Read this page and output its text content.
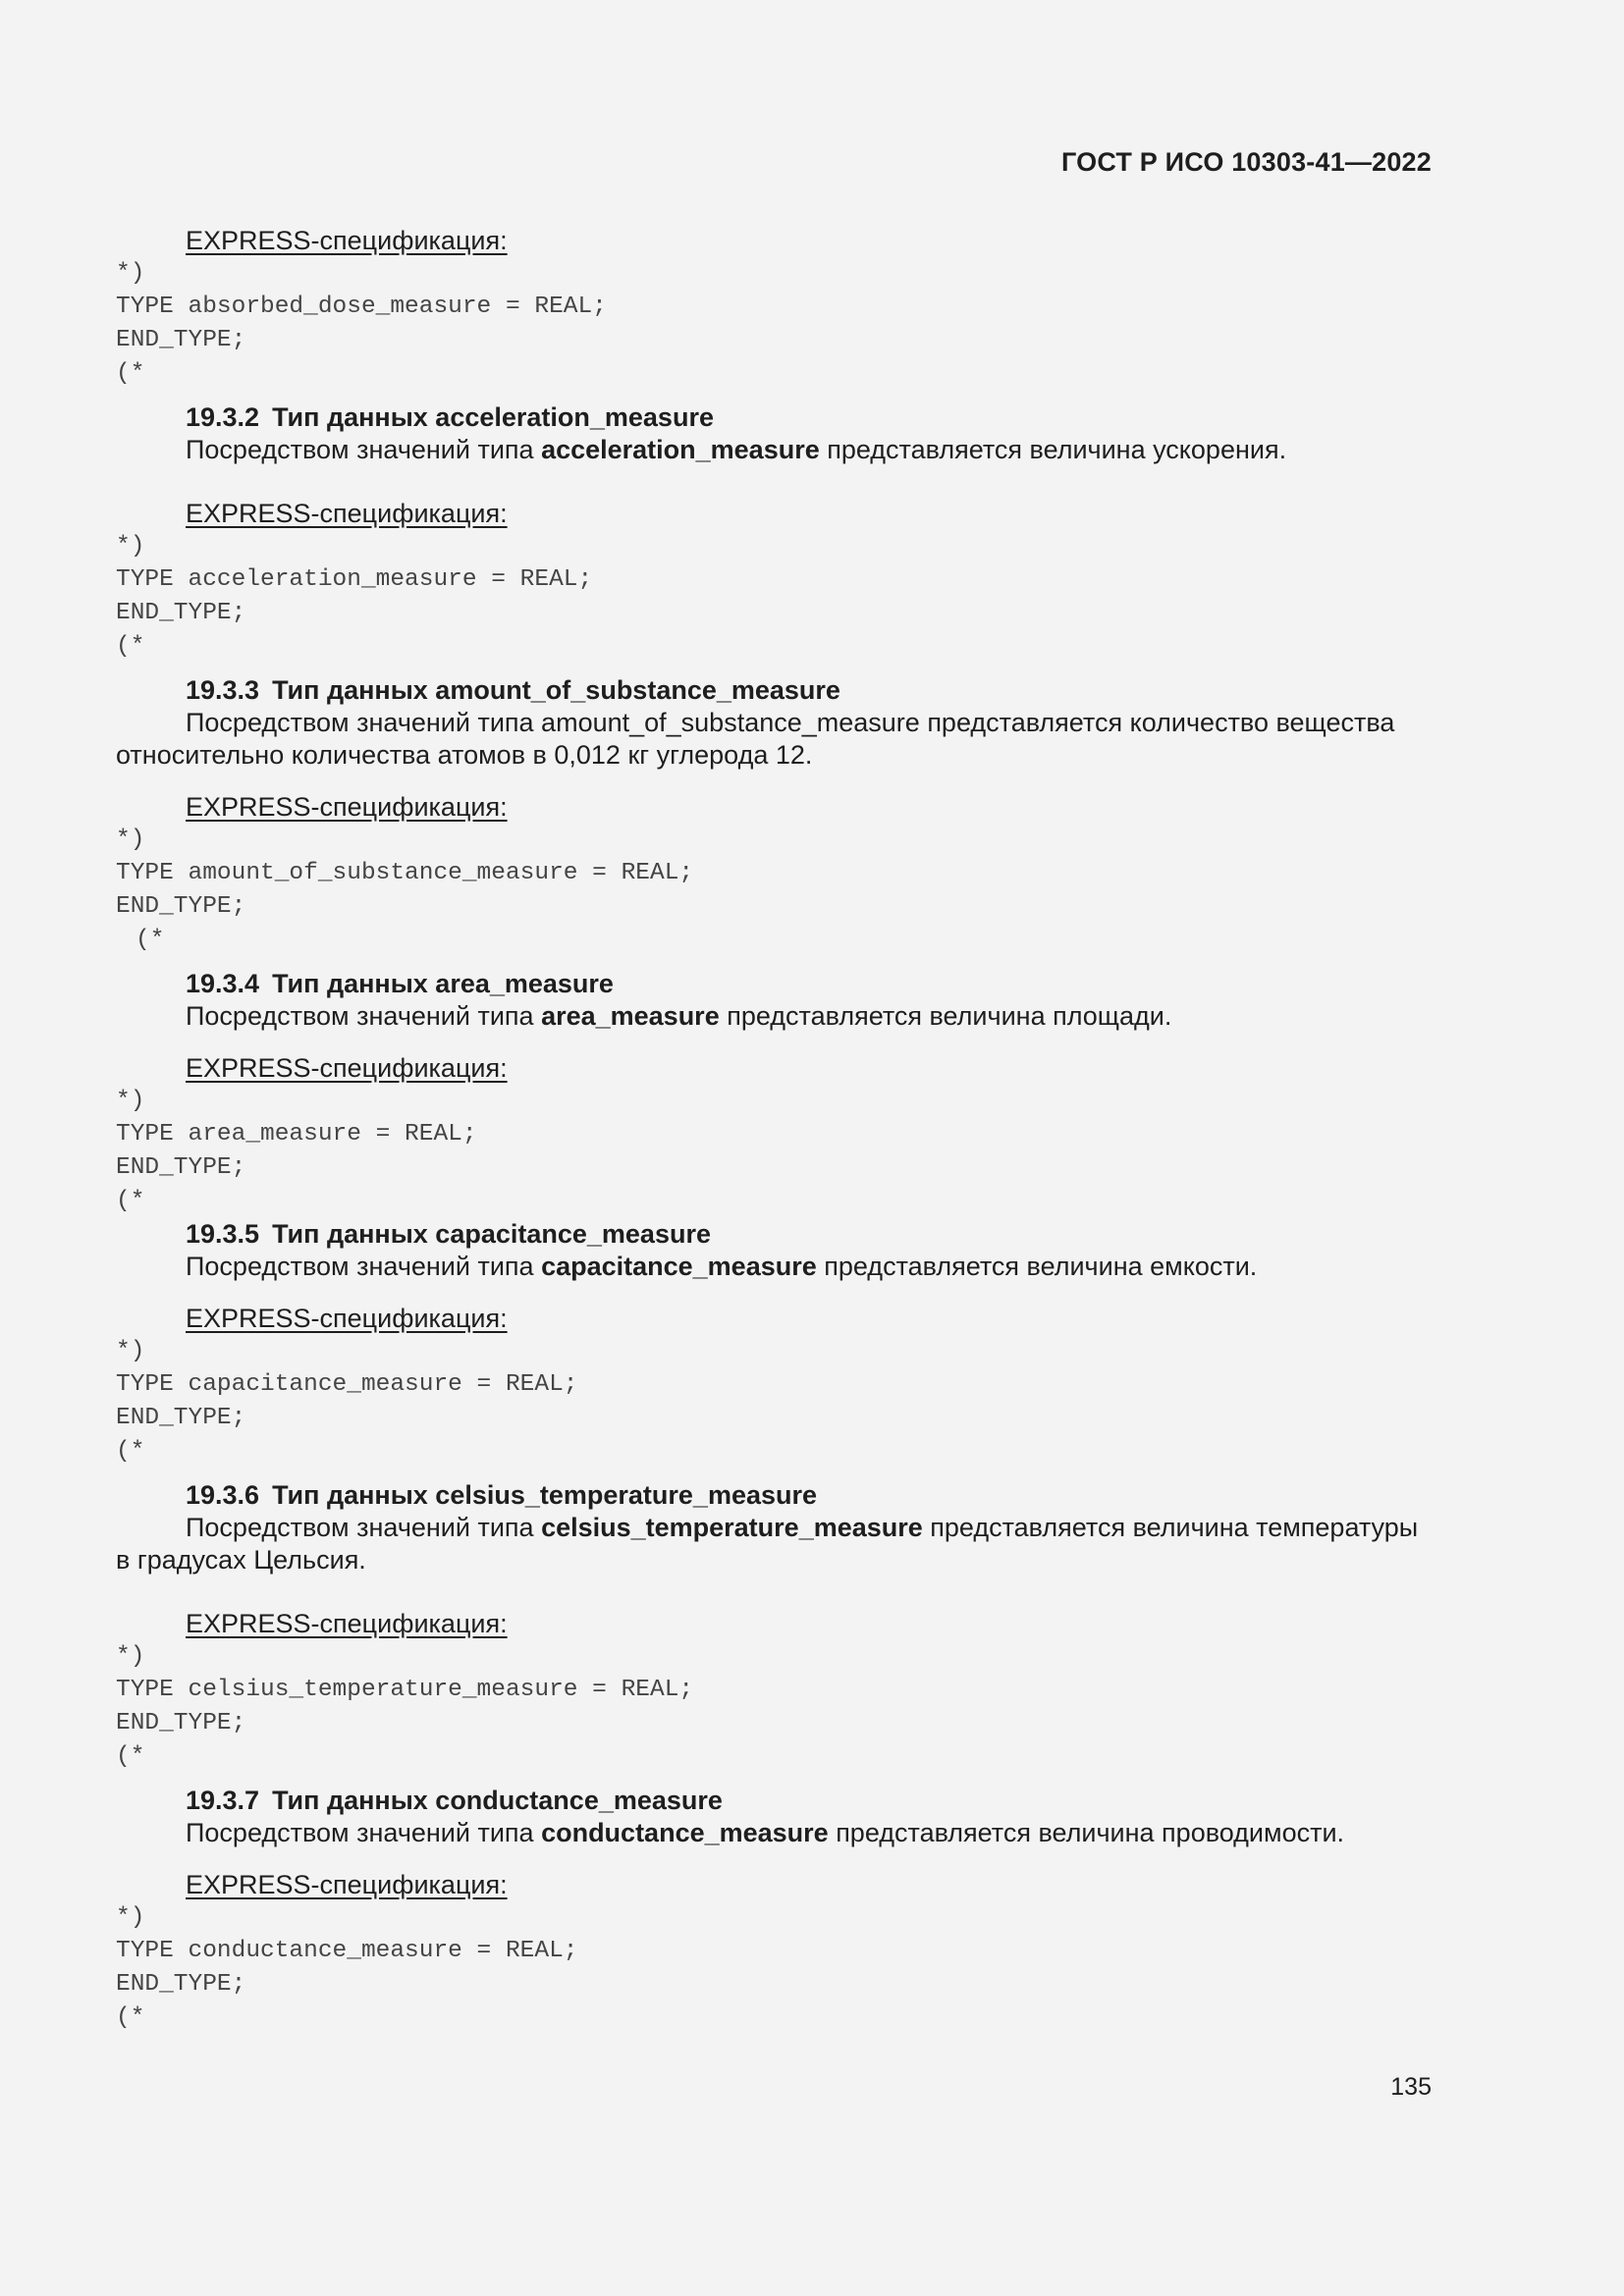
ГОСТ Р ИСО 10303-41—2022
EXPRESS-спецификация:
*)
TYPE absorbed_dose_measure = REAL;
END_TYPE;
(*
19.3.2 Тип данных acceleration_measure
Посредством значений типа acceleration_measure представляется величина ускорения.
EXPRESS-спецификация:
*)
TYPE acceleration_measure = REAL;
END_TYPE;
(*
19.3.3 Тип данных amount_of_substance_measure
Посредством значений типа amount_of_substance_measure представляется количество вещества относительно количества атомов в 0,012 кг углерода 12.
EXPRESS-спецификация:
*)
TYPE amount_of_substance_measure = REAL;
END_TYPE;
(*
19.3.4 Тип данных area_measure
Посредством значений типа area_measure представляется величина площади.
EXPRESS-спецификация:
*)
TYPE area_measure = REAL;
END_TYPE;
(*
19.3.5 Тип данных capacitance_measure
Посредством значений типа capacitance_measure представляется величина емкости.
EXPRESS-спецификация:
*)
TYPE capacitance_measure = REAL;
END_TYPE;
(*
19.3.6 Тип данных celsius_temperature_measure
Посредством значений типа celsius_temperature_measure представляется величина температуры в градусах Цельсия.
EXPRESS-спецификация:
*)
TYPE celsius_temperature_measure = REAL;
END_TYPE;
(*
19.3.7 Тип данных conductance_measure
Посредством значений типа conductance_measure представляется величина проводимости.
EXPRESS-спецификация:
*)
TYPE conductance_measure = REAL;
END_TYPE;
(*
135
